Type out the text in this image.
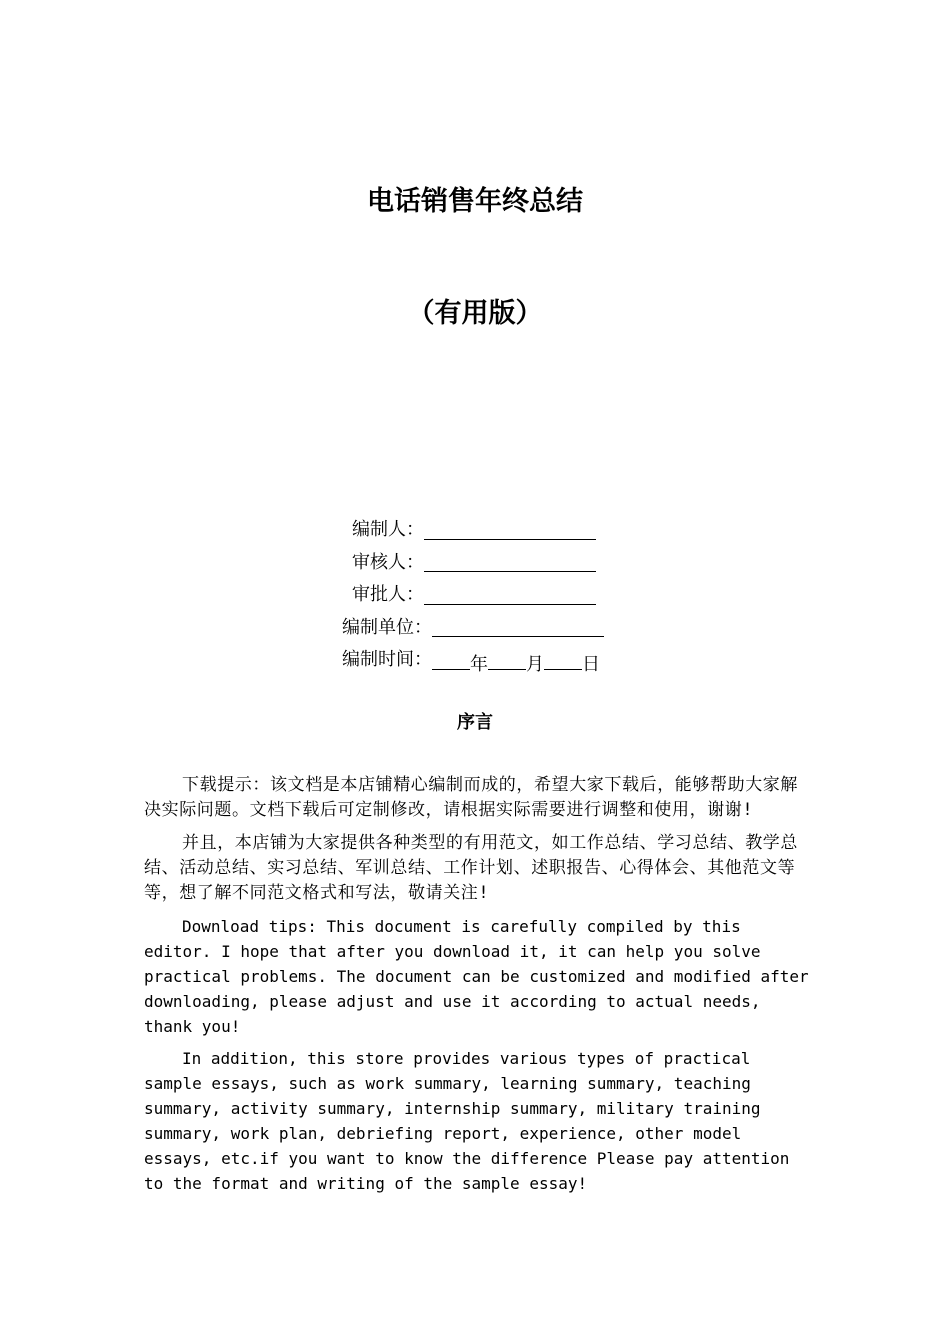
电话销售年终总结
（有用版）
编制人：
审核人：
审批人：
编制单位：
编制时间： 年 月 日
序言

下载提示：该文档是本店铺精心编制而成的，希望大家下载后，能够帮助大家解决实际问题。文档下载后可定制修改，请根据实际需要进行调整和使用，谢谢!

并且，本店铺为大家提供各种类型的有用范文，如工作总结、学习总结、教学总结、活动总结、实习总结、军训总结、工作计划、述职报告、心得体会、其他范文等等，想了解不同范文格式和写法，敬请关注!

Download tips: This document is carefully compiled by this
editor. I hope that after you download it, it can help you solve
practical problems. The document can be customized and modified after
downloading, please adjust and use it according to actual needs,
thank you!

In addition, this store provides various types of practical
sample essays, such as work summary, learning summary, teaching
summary, activity summary, internship summary, military training
summary, work plan, debriefing report, experience, other model
essays, etc.if you want to know the difference Please pay attention
to the format and writing of the sample essay!
